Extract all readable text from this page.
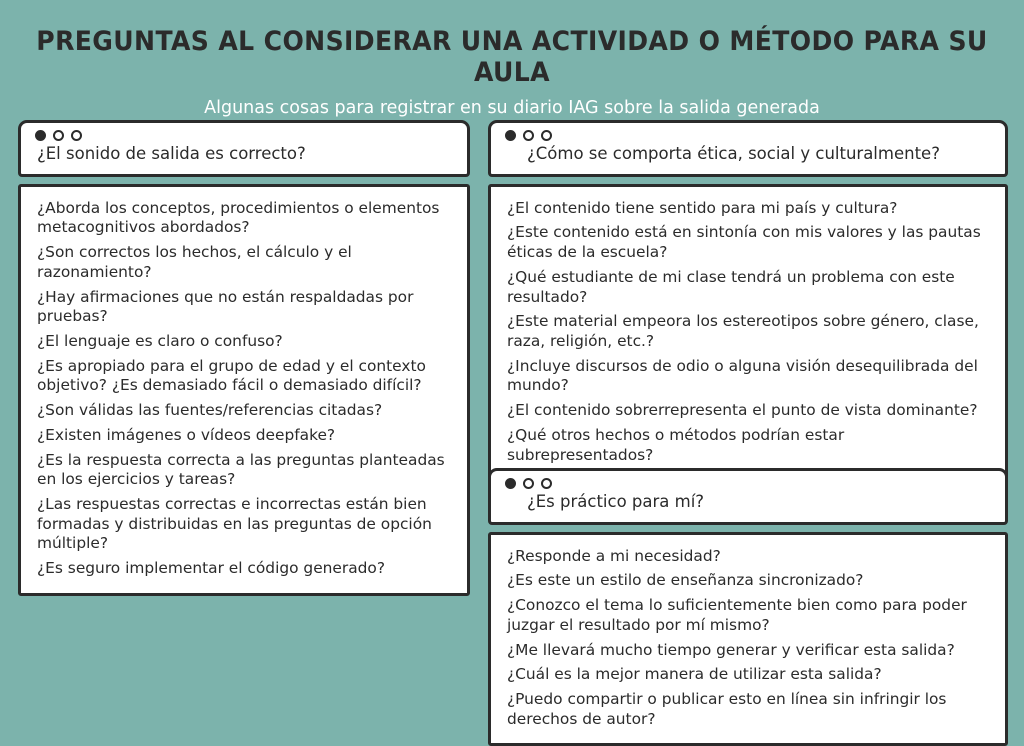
PREGUNTAS AL CONSIDERAR UNA ACTIVIDAD O MÉTODO PARA SU AULA

Algunas cosas para registrar en su diario IAG sobre la salida generada

¿El sonido de salida es correcto?

¿Aborda los conceptos, procedimientos o elementos metacognitivos abordados?

¿Son correctos los hechos, el cálculo y el razonamiento?

¿Hay afirmaciones que no están respaldadas por pruebas?

¿El lenguaje es claro o confuso?

¿Es apropiado para el grupo de edad y el contexto objetivo? ¿Es demasiado fácil o demasiado difícil?

¿Son válidas las fuentes/referencias citadas?

¿Existen imágenes o vídeos deepfake?

¿Es la respuesta correcta a las preguntas planteadas en los ejercicios y tareas?

¿Las respuestas correctas e incorrectas están bien formadas y distribuidas en las preguntas de opción múltiple?

¿Es seguro implementar el código generado?

¿Cómo se comporta ética, social y culturalmente?

¿El contenido tiene sentido para mi país y cultura?

¿Este contenido está en sintonía con mis valores y las pautas éticas de la escuela?

¿Qué estudiante de mi clase tendrá un problema con este resultado?

¿Este material empeora los estereotipos sobre género, clase, raza, religión, etc.?

¿Incluye discursos de odio o alguna visión desequilibrada del mundo?

¿El contenido sobrerrepresenta el punto de vista dominante?

¿Qué otros hechos o métodos podrían estar subrepresentados?

¿Es práctico para mí?

¿Responde a mi necesidad?

¿Es este un estilo de enseñanza sincronizado?

¿Conozco el tema lo suficientemente bien como para poder juzgar el resultado por mí mismo?

¿Me llevará mucho tiempo generar y verificar esta salida?

¿Cuál es la mejor manera de utilizar esta salida?

¿Puedo compartir o publicar esto en línea sin infringir los derechos de autor?
